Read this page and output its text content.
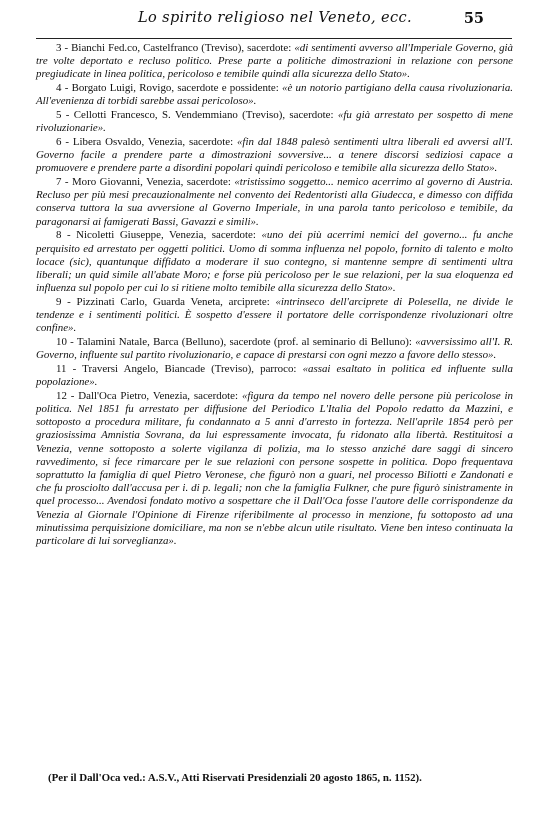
Lo spirito religioso nel Veneto, ecc.	55

3 - Bianchi Fed.co, Castelfranco (Treviso), sacerdote: «di sentimenti avverso all'Imperiale Governo, già tre volte deportato e recluso politico. Prese parte a politiche dimostrazioni in relazione con persone pregiudicate in linea politica, pericoloso e temibile quindi alla sicurezza dello Stato».

4 - Borgato Luigi, Rovigo, sacerdote e possidente: «è un notorio partigiano della causa rivoluzionaria. All'evenienza di torbidi sarebbe assai pericoloso».

5 - Cellotti Francesco, S. Vendemmiano (Treviso), sacerdote: «fu già arrestato per sospetto di mene rivoluzionarie».

6 - Libera Osvaldo, Venezia, sacerdote: «fin dal 1848 palesò sentimenti ultra liberali ed avversi all'I. Governo facile a prendere parte a dimostrazioni sovversive... a tenere discorsi sediziosi capace a promuovere e prendere parte a disordini popolari quindi pericoloso e temibile alla sicurezza dello Stato».

7 - Moro Giovanni, Venezia, sacerdote: «tristissimo soggetto... nemico acerrimo al governo di Austria. Recluso per più mesi precauzionalmente nel convento dei Redentoristi alla Giudecca, e dimesso con diffida conserva tuttora la sua avversione al Governo Imperiale, in una parola tanto pericoloso e temibile, da paragonarsi ai famigerati Bassi, Gavazzi e simili».

8 - Nicoletti Giuseppe, Venezia, sacerdote: «uno dei più acerrimi nemici del governo... fu anche perquisito ed arrestato per oggetti politici. Uomo di somma influenza nel popolo, fornito di talento e molto locace (sic), quantunque diffidato a moderare il suo contegno, si mantenne sempre di sentimenti ultra liberali; un quid simile all'abate Moro; e forse più pericoloso per le sue relazioni, per la sua eloquenza ed influenza sul popolo per cui lo si ritiene molto temibile alla sicurezza dello Stato».

9 - Pizzinati Carlo, Guarda Veneta, arciprete: «intrinseco dell'arciprete di Polesella, ne divide le tendenze e i sentimenti politici. È sospetto d'essere il portatore delle corrispondenze rivoluzionari oltre confine».

10 - Talamini Natale, Barca (Belluno), sacerdote (prof. al seminario di Belluno): «avversissimo all'I. R. Governo, influente sul partito rivoluzionario, e capace di prestarsi con ogni mezzo a favore dello stesso».

11 - Traversi Angelo, Biancade (Treviso), parroco: «assai esaltato in politica ed influente sulla popolazione».

12 - Dall'Oca Pietro, Venezia, sacerdote: «figura da tempo nel novero delle persone più pericolose in politica. Nel 1851 fu arrestato per diffusione del Periodico L'Italia del Popolo redatto da Mazzini, e sottoposto a procedura militare, fu condannato a 5 anni d'arresto in fortezza. Nell'aprile 1854 però per graziosissima Amnistia Sovrana, da lui espressamente invocata, fu ridonato alla libertà. Restituitosi a Venezia, venne sottoposto a solerte vigilanza di polizia, ma lo stesso anziché dare saggi di sincero ravvedimento, si fece rimarcare per le sue relazioni con persone sospette in politica. Dopo frequentava soprattutto la famiglia di quel Pietro Veronese, che figurò non a guari, nel processo Biliotti e Zandonati e che fu prosciolto dall'accusa per i. di p. legali; non che la famiglia Fulkner, che pure figurò sinistramente in quel processo... Avendosi fondato motivo a sospettare che il Dall'Oca fosse l'autore delle corrispondenze da Venezia al Giornale l'Opinione di Firenze riferibilmente al processo in menzione, fu sottoposto ad una minutissima perquisizione domiciliare, ma non se n'ebbe alcun utile risultato. Viene ben inteso continuata la particolare di lui sorveglianza».

(Per il Dall'Oca ved.: A.S.V., Atti Riservati Presidenziali 20 agosto 1865, n. 1152).
